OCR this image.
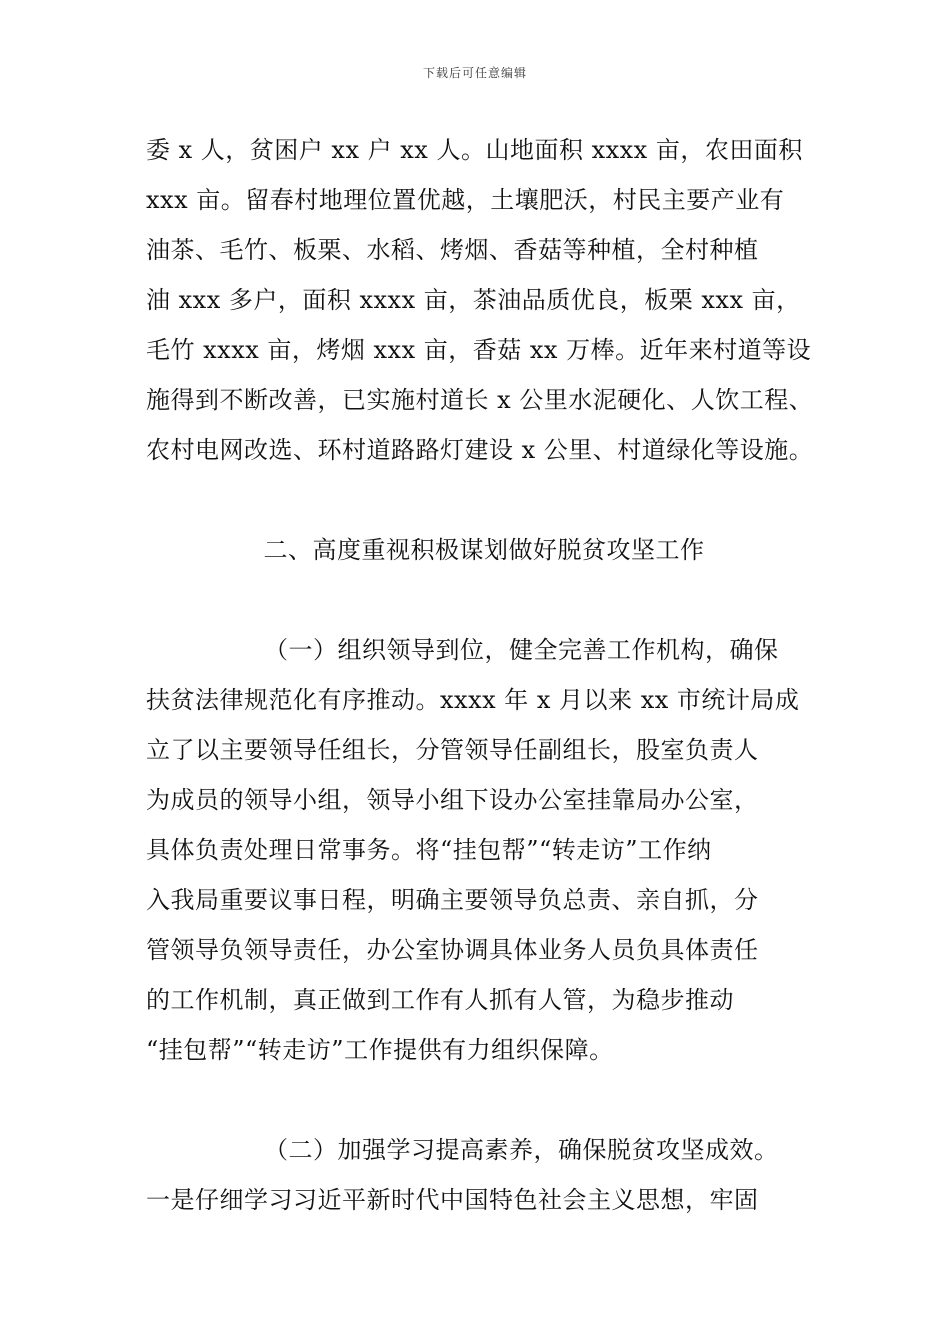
下载后可任意编辑
委 x 人，贫困户 xx 户 xx 人。山地面积 xxxx 亩，农田面积
xxx 亩。留春村地理位置优越，土壤肥沃，村民主要产业有
油茶、毛竹、板栗、水稻、烤烟、香菇等种植，全村种植
油 xxx 多户，面积 xxxx 亩，茶油品质优良，板栗 xxx 亩，
毛竹 xxxx 亩，烤烟 xxx 亩，香菇 xx 万棒。近年来村道等设
施得到不断改善，已实施村道长 x 公里水泥硬化、人饮工程、
农村电网改选、环村道路路灯建设 x 公里、村道绿化等设施。
二、高度重视积极谋划做好脱贫攻坚工作
（一）组织领导到位，健全完善工作机构，确保
扶贫法律规范化有序推动。xxxx 年 x 月以来 xx 市统计局成
立了以主要领导任组长，分管领导任副组长，股室负责人
为成员的领导小组，领导小组下设办公室挂靠局办公室，
具体负责处理日常事务。将“挂包帮”“转走访”工作纳
入我局重要议事日程，明确主要领导负总责、亲自抓，分
管领导负领导责任，办公室协调具体业务人员负具体责任
的工作机制，真正做到工作有人抓有人管，为稳步推动
“挂包帮”“转走访”工作提供有力组织保障。
（二）加强学习提高素养，确保脱贫攻坚成效。
一是仔细学习习近平新时代中国特色社会主义思想，牢固
